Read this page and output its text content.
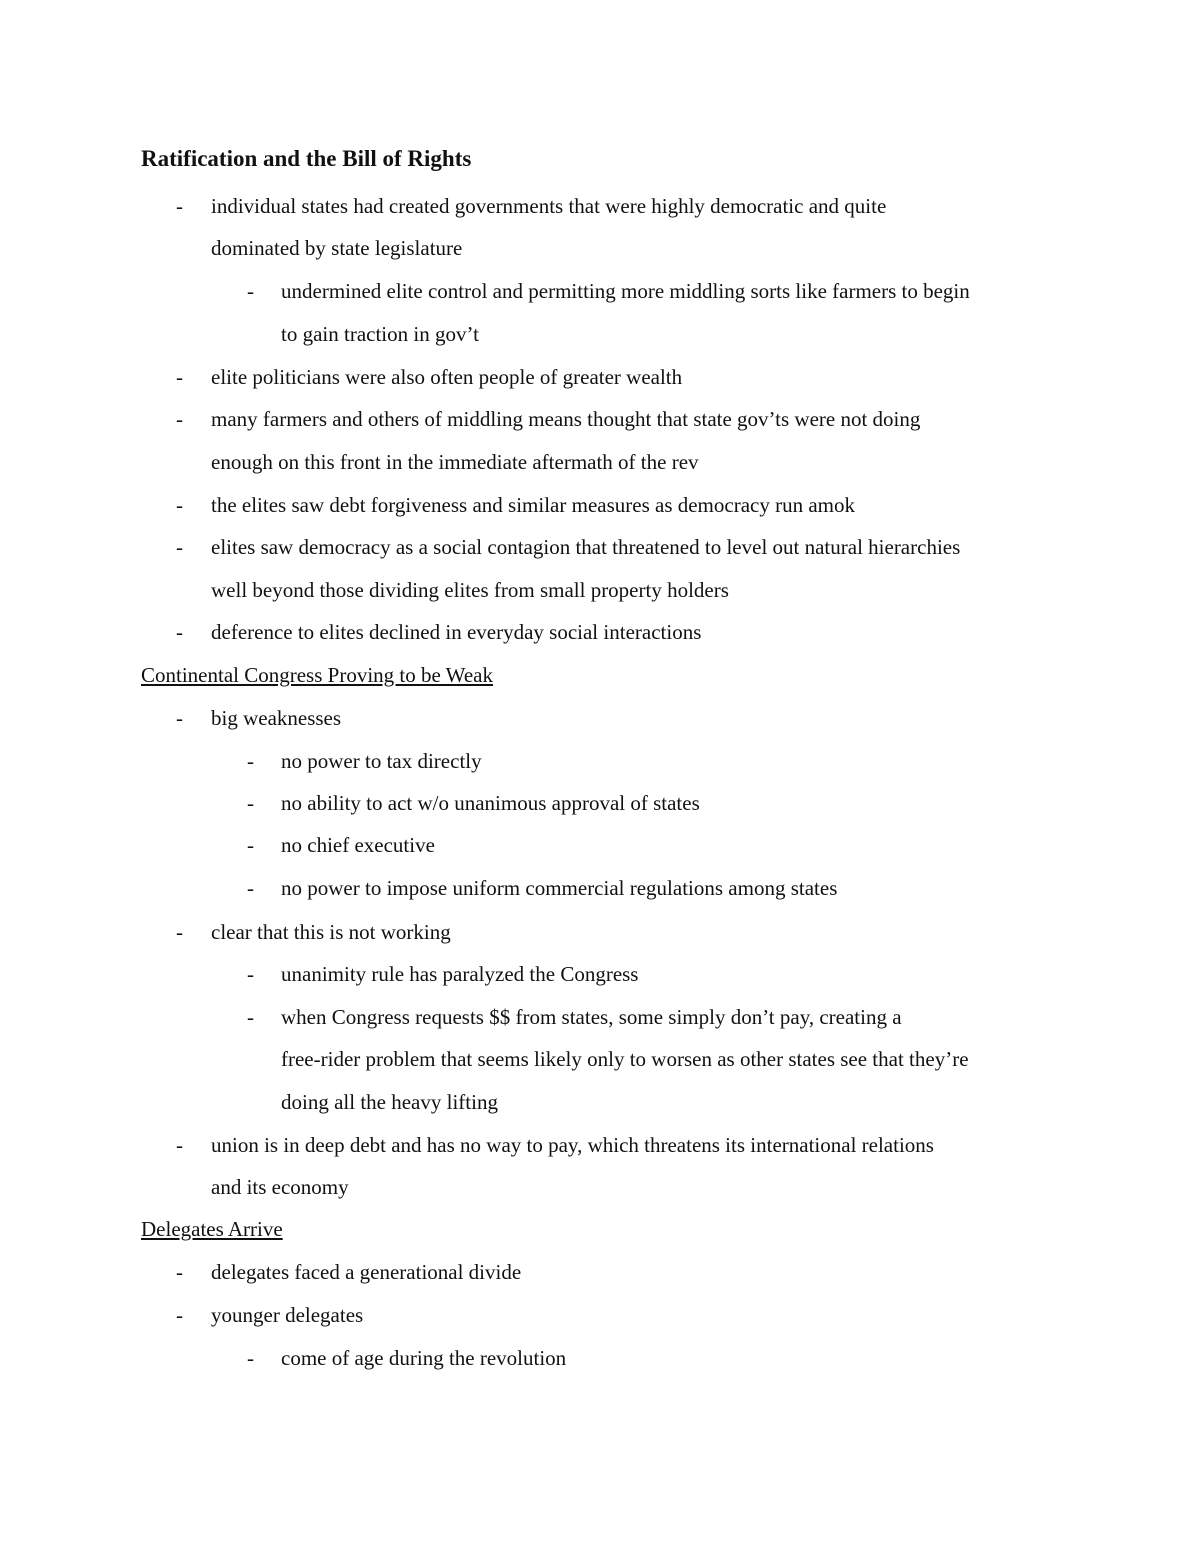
Ratification and the Bill of Rights
- individual states had created governments that were highly democratic and quite
dominated by state legislature
- undermined elite control and permitting more middling sorts like farmers to begin
to gain traction in gov’t
- elite politicians were also often people of greater wealth
- many farmers and others of middling means thought that state gov’ts were not doing
enough on this front in the immediate aftermath of the rev
- the elites saw debt forgiveness and similar measures as democracy run amok
- elites saw democracy as a social contagion that threatened to level out natural hierarchies
well beyond those dividing elites from small property holders
- deference to elites declined in everyday social interactions
Continental Congress Proving to be Weak
- big weaknesses
- no power to tax directly
- no ability to act w/o unanimous approval of states
- no chief executive
- no power to impose uniform commercial regulations among states
- clear that this is not working
- unanimity rule has paralyzed the Congress
- when Congress requests $$ from states, some simply don’t pay, creating a
free-rider problem that seems likely only to worsen as other states see that they’re
doing all the heavy lifting
- union is in deep debt and has no way to pay, which threatens its international relations
and its economy
Delegates Arrive
- delegates faced a generational divide
- younger delegates
- come of age during the revolution
